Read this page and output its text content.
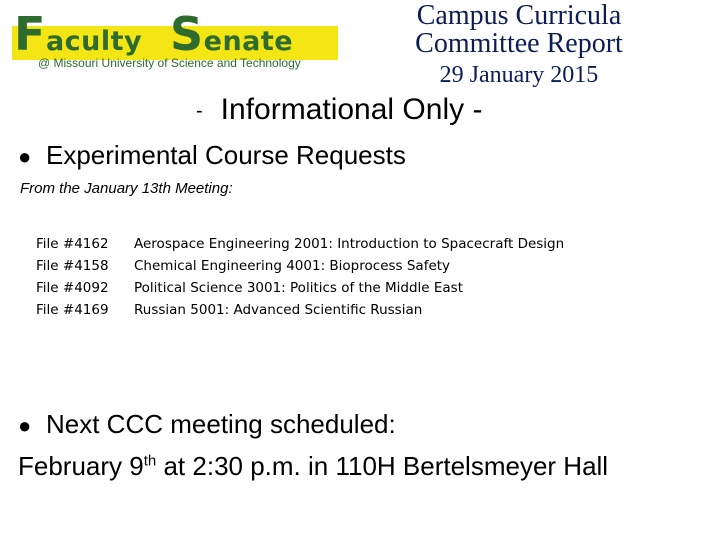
Faculty Senate
@ Missouri University of Science and Technology
Campus Curricula
Committee Report
29 January 2015
- Informational Only -
● Experimental Course Requests
From the January 13th Meeting:
File #4162	Aerospace Engineering 2001: Introduction to Spacecraft Design
File #4158	Chemical Engineering 4001: Bioprocess Safety
File #4092	Political Science 3001: Politics of the Middle East
File #4169	Russian 5001: Advanced Scientific Russian
● Next CCC meeting scheduled:
February 9th at 2:30 p.m. in 110H Bertelsmeyer Hall
